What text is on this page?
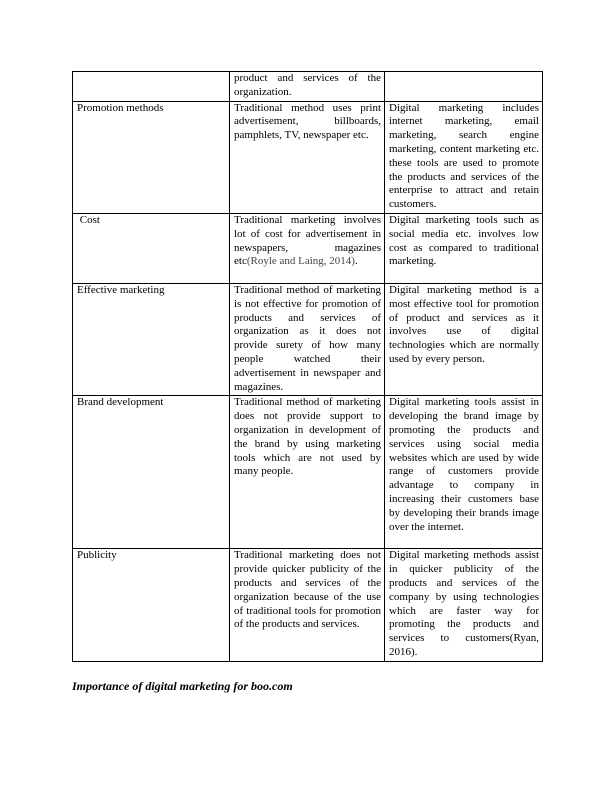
	product and services of the organization.	
Promotion methods	Traditional method uses print advertisement, billboards, pamphlets, TV, newspaper etc.	Digital marketing includes internet marketing, email marketing, search engine marketing, content marketing etc. these tools are used to promote the products and services of the enterprise to attract and retain customers.
Cost	Traditional marketing involves lot of cost for advertisement in newspapers, magazines etc(Royle and Laing, 2014).	Digital marketing tools such as social media etc. involves low cost as compared to traditional marketing.
Effective marketing	Traditional method of marketing is not effective for promotion of products and services of organization as it does not provide surety of how many people watched their advertisement in newspaper and magazines.	Digital marketing method is a most effective tool for promotion of product and services as it involves use of digital technologies which are normally used by every person.
Brand development	Traditional method of marketing does not provide support to organization in development of the brand by using marketing tools which are not used by many people.	Digital marketing tools assist in developing the brand image by promoting the products and services using social media websites which are used by wide range of customers provide advantage to company in increasing their customers base by developing their brands image over the internet.
Publicity	Traditional marketing does not provide quicker publicity of the products and services of the organization because of the use of traditional tools for promotion of the products and services.	Digital marketing methods assist in quicker publicity of the products and services of the company by using technologies which are faster way for promoting the products and services to customers(Ryan, 2016).
Importance of digital marketing for boo.com
